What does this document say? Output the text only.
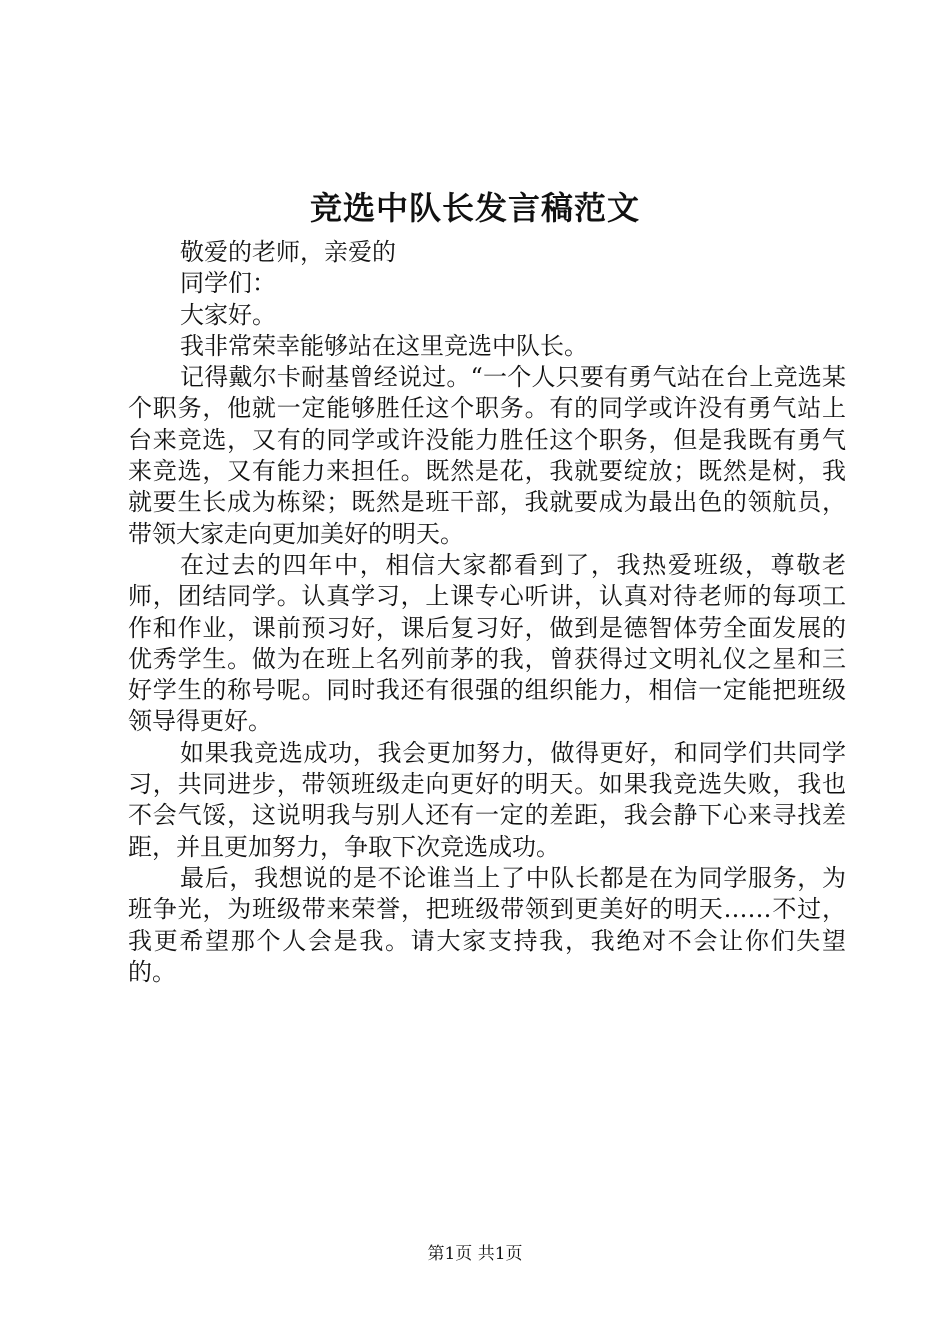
竞选中队长发言稿范文

敬爱的老师，亲爱的

同学们：

大家好。

我非常荣幸能够站在这里竞选中队长。

记得戴尔卡耐基曾经说过。“一个人只要有勇气站在台上竞选某个职务，他就一定能够胜任这个职务。有的同学或许没有勇气站上台来竞选，又有的同学或许没能力胜任这个职务，但是我既有勇气来竞选，又有能力来担任。既然是花，我就要绽放；既然是树，我就要生长成为栋梁；既然是班干部，我就要成为最出色的领航员，带领大家走向更加美好的明天。

在过去的四年中，相信大家都看到了，我热爱班级，尊敬老师，团结同学。认真学习，上课专心听讲，认真对待老师的每项工作和作业，课前预习好，课后复习好，做到是德智体劳全面发展的优秀学生。做为在班上名列前茅的我，曾获得过文明礼仪之星和三好学生的称号呢。同时我还有很强的组织能力，相信一定能把班级领导得更好。

如果我竞选成功，我会更加努力，做得更好，和同学们共同学习，共同进步，带领班级走向更好的明天。如果我竞选失败，我也不会气馁，这说明我与别人还有一定的差距，我会静下心来寻找差距，并且更加努力，争取下次竞选成功。

最后，我想说的是不论谁当上了中队长都是在为同学服务，为班争光，为班级带来荣誉，把班级带领到更美好的明天……不过，我更希望那个人会是我。请大家支持我，我绝对不会让你们失望的。

第1页 共1页
